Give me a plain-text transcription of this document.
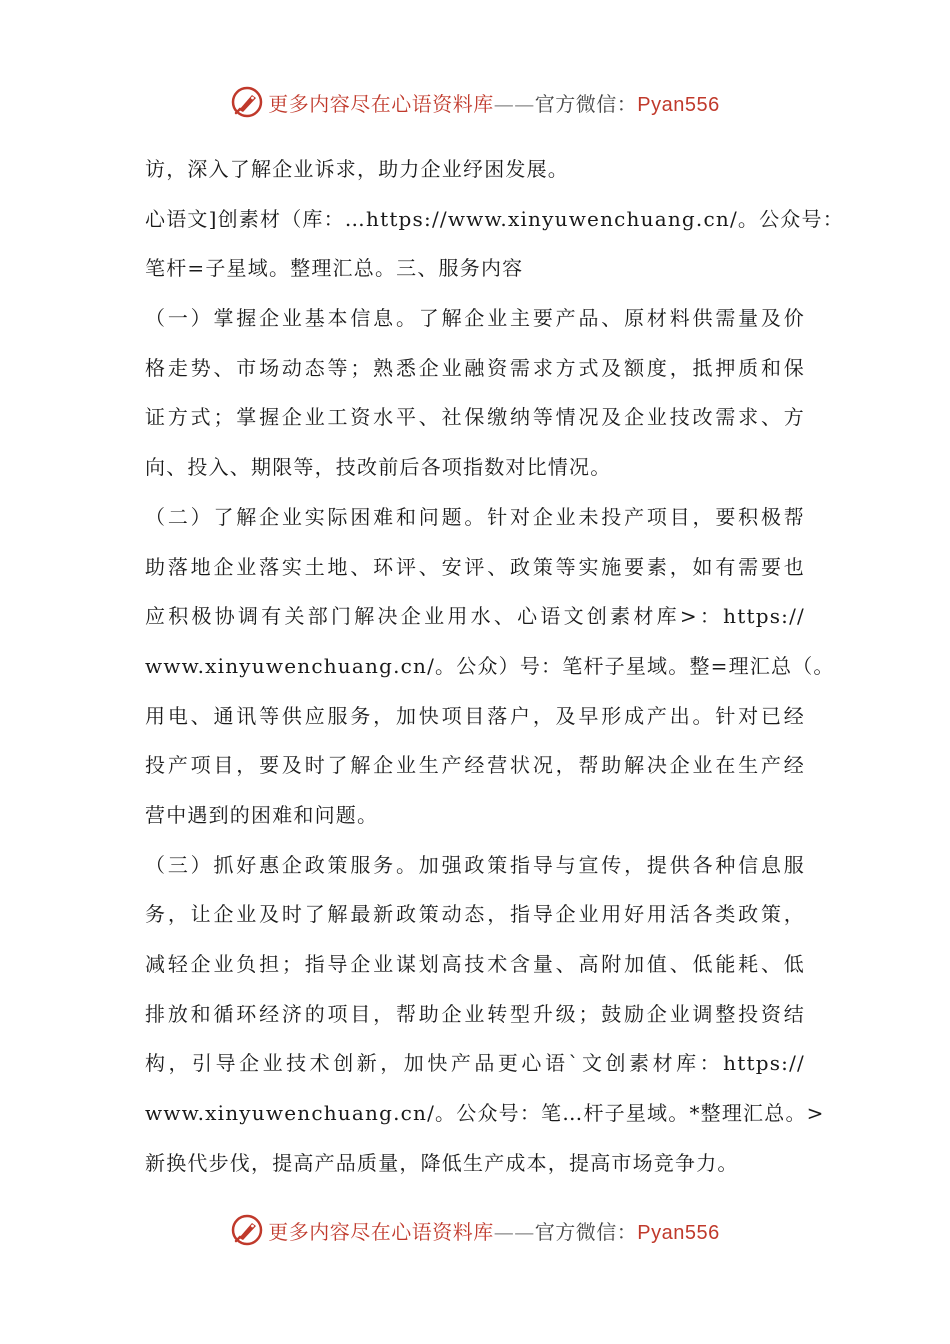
更多内容尽在心语资料库——官方微信：Pyan556
访，深入了解企业诉求，助力企业纾困发展。
心语文]创素材（库：…https://www.xinyuwenchuang.cn/。公众号：
笔杆=子星域。整理汇总。三、服务内容
（一）掌握企业基本信息。了解企业主要产品、原材料供需量及价
格走势、市场动态等；熟悉企业融资需求方式及额度，抵押质和保
证方式；掌握企业工资水平、社保缴纳等情况及企业技改需求、方
向、投入、期限等，技改前后各项指数对比情况。
（二）了解企业实际困难和问题。针对企业未投产项目，要积极帮
助落地企业落实土地、环评、安评、政策等实施要素，如有需要也
应积极协调有关部门解决企业用水、心语文创素材库>：https://
www.xinyuwenchuang.cn/。公众）号：笔杆子星域。整=理汇总（。
用电、通讯等供应服务，加快项目落户，及早形成产出。针对已经
投产项目，要及时了解企业生产经营状况，帮助解决企业在生产经
营中遇到的困难和问题。
（三）抓好惠企政策服务。加强政策指导与宣传，提供各种信息服
务，让企业及时了解最新政策动态，指导企业用好用活各类政策，
减轻企业负担；指导企业谋划高技术含量、高附加值、低能耗、低
排放和循环经济的项目，帮助企业转型升级；鼓励企业调整投资结
构，引导企业技术创新，加快产品更心语`文创素材库：https://
www.xinyuwenchuang.cn/。公众号：笔…杆子星域。*整理汇总。>
新换代步伐，提高产品质量，降低生产成本，提高市场竞争力。
更多内容尽在心语资料库——官方微信：Pyan556
